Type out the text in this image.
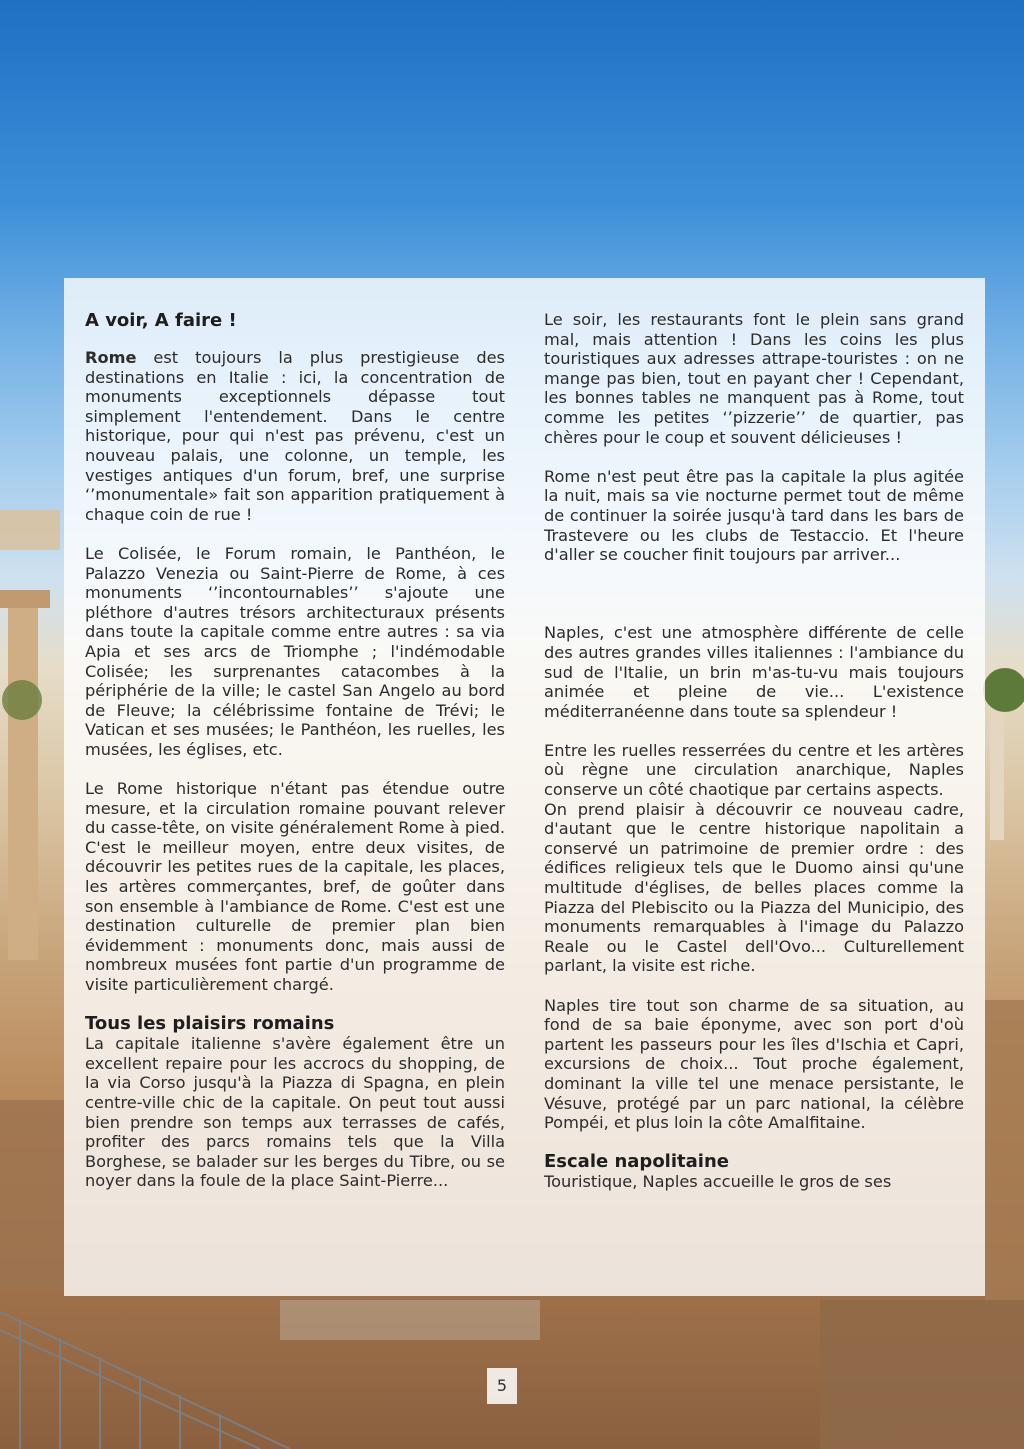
A voir, A faire !

Rome est toujours la plus prestigieuse des destinations en Italie : ici, la concentration de monuments exceptionnels dépasse tout simplement l'entendement. Dans le centre historique, pour qui n'est pas prévenu, c'est un nouveau palais, une colonne, un temple, les vestiges antiques d'un forum, bref, une surprise ‘’monumentale» fait son apparition pratiquement à chaque coin de rue !

Le Colisée, le Forum romain, le Panthéon, le Palazzo Venezia ou Saint-Pierre de Rome, à ces monuments ‘’incontournables’’ s'ajoute une pléthore d'autres trésors architecturaux présents dans toute la capitale comme entre autres : sa via Apia et ses arcs de Triomphe ; l'indémodable Colisée; les surprenantes catacombes à la périphérie de la ville; le castel San Angelo au bord de Fleuve; la célébrissime fontaine de Trévi; le Vatican et ses musées; le Panthéon, les ruelles, les musées, les églises, etc.

Le Rome historique n'étant pas étendue outre mesure, et la circulation romaine pouvant relever du casse-tête, on visite généralement Rome à pied. C'est le meilleur moyen, entre deux visites, de découvrir les petites rues de la capitale, les places, les artères commerçantes, bref, de goûter dans son ensemble à l'ambiance de Rome. C'est est une destination culturelle de premier plan bien évidemment : monuments donc, mais aussi de nombreux musées font partie d'un programme de visite particulièrement chargé.

Tous les plaisirs romains

La capitale italienne s'avère également être un excellent repaire pour les accrocs du shopping, de la via Corso jusqu'à la Piazza di Spagna, en plein centre-ville chic de la capitale. On peut tout aussi bien prendre son temps aux terrasses de cafés, profiter des parcs romains tels que la Villa Borghese, se balader sur les berges du Tibre, ou se noyer dans la foule de la place Saint-Pierre...

Le soir, les restaurants font le plein sans grand mal, mais attention ! Dans les coins les plus touristiques aux adresses attrape-touristes : on ne mange pas bien, tout en payant cher ! Cependant, les bonnes tables ne manquent pas à Rome, tout comme les petites ‘’pizzerie’’ de quartier, pas chères pour le coup et souvent délicieuses !

Rome n'est peut être pas la capitale la plus agitée la nuit, mais sa vie nocturne permet tout de même de continuer la soirée jusqu'à tard dans les bars de Trastevere ou les clubs de Testaccio. Et l'heure d'aller se coucher finit toujours par arriver...

Naples, c'est une atmosphère différente de celle des autres grandes villes italiennes : l'ambiance du sud de l'Italie, un brin m'as-tu-vu mais toujours animée et pleine de vie... L'existence méditerranéenne dans toute sa splendeur !

Entre les ruelles resserrées du centre et les artères où règne une circulation anarchique, Naples conserve un côté chaotique par certains aspects.

On prend plaisir à découvrir ce nouveau cadre, d'autant que le centre historique napolitain a conservé un patrimoine de premier ordre : des édifices religieux tels que le Duomo ainsi qu'une multitude d'églises, de belles places comme la Piazza del Plebiscito ou la Piazza del Municipio, des monuments remarquables à l'image du Palazzo Reale ou le Castel dell'Ovo... Culturellement parlant, la visite est riche.

Naples tire tout son charme de sa situation, au fond de sa baie éponyme, avec son port d'où partent les passeurs pour les îles d'Ischia et Capri, excursions de choix... Tout proche également, dominant la ville tel une menace persistante, le Vésuve, protégé par un parc national, la célèbre Pompéi, et plus loin la côte Amalfitaine.

Escale napolitaine

Touristique, Naples accueille le gros de ses

5
